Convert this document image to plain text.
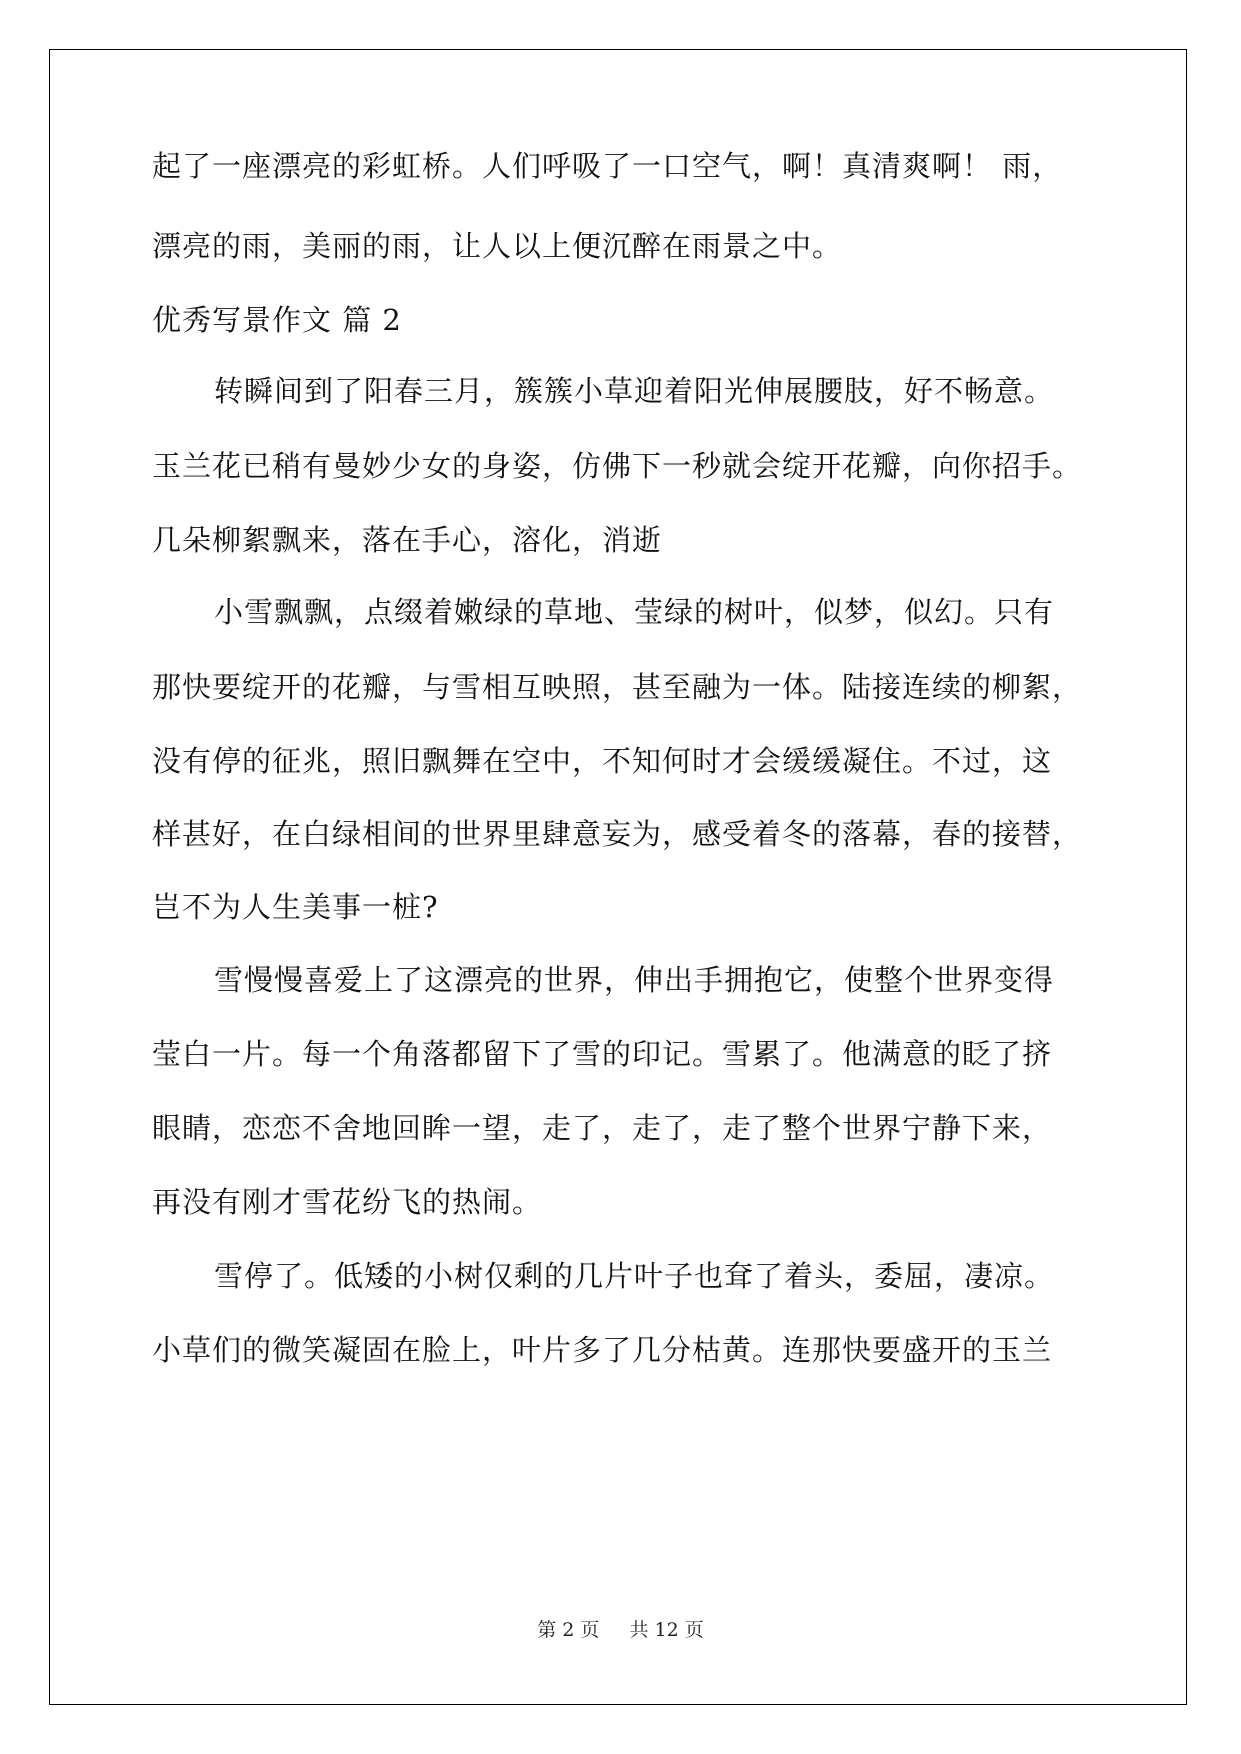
起了一座漂亮的彩虹桥。人们呼吸了一口空气，啊！真清爽啊！ 雨，
漂亮的雨，美丽的雨，让人以上便沉醉在雨景之中。
优秀写景作文 篇 2
转瞬间到了阳春三月，簇簇小草迎着阳光伸展腰肢，好不畅意。
玉兰花已稍有曼妙少女的身姿，仿佛下一秒就会绽开花瓣，向你招手。
几朵柳絮飘来，落在手心，溶化，消逝
小雪飘飘，点缀着嫩绿的草地、莹绿的树叶，似梦，似幻。只有
那快要绽开的花瓣，与雪相互映照，甚至融为一体。陆接连续的柳絮，
没有停的征兆，照旧飘舞在空中，不知何时才会缓缓凝住。不过，这
样甚好，在白绿相间的世界里肆意妄为，感受着冬的落幕，春的接替，
岂不为人生美事一桩?
雪慢慢喜爱上了这漂亮的世界，伸出手拥抱它，使整个世界变得
莹白一片。每一个角落都留下了雪的印记。雪累了。他满意的眨了挤
眼睛，恋恋不舍地回眸一望，走了，走了，走了整个世界宁静下来，
再没有刚才雪花纷飞的热闹。
雪停了。低矮的小树仅剩的几片叶子也耷了着头，委屈，凄凉。
小草们的微笑凝固在脸上，叶片多了几分枯黄。连那快要盛开的玉兰
第 2 页 共 12 页
